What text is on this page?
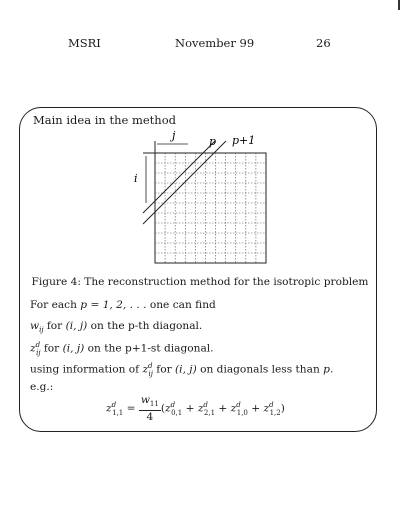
MSRI	November 99	26
Main idea in the method
j
i
p p+1
Figure 4: The reconstruction method for the isotropic problem
For each p = 1, 2, . . . one can find
$w_{ij}$ for (i, j) on the p-th diagonal.
$z^d_{ij}$ for (i, j) on the p+1-st diagonal.
using information of $z^d_{ij}$ for (i, j) on diagonals less than p.
e.g.:
$z^d_{1,1} = \frac{w_{11}}{4} (z^d_{0,1} + z^d_{2,1} + z^d_{1,0} + z^d_{1,2})$
